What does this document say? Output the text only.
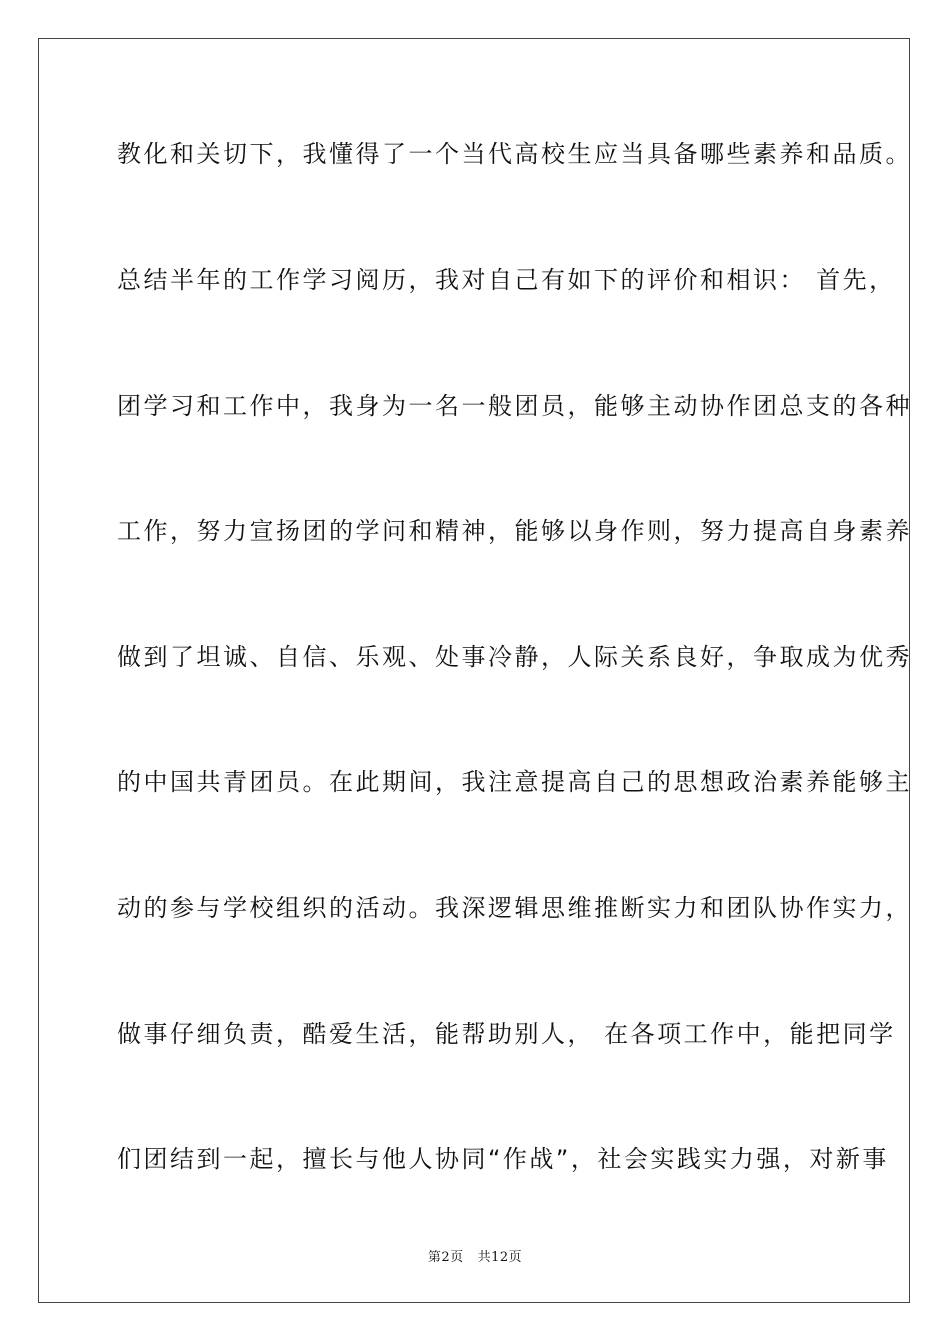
教化和关切下，我懂得了一个当代高校生应当具备哪些素养和品质。
总结半年的工作学习阅历，我对自己有如下的评价和相识： 首先，
团学习和工作中，我身为一名一般团员，能够主动协作团总支的各种
工作，努力宣扬团的学问和精神，能够以身作则，努力提高自身素养
做到了坦诚、自信、乐观、处事冷静，人际关系良好，争取成为优秀
的中国共青团员。在此期间，我注意提高自己的思想政治素养能够主
动的参与学校组织的活动。我深逻辑思维推断实力和团队协作实力，
做事仔细负责，酷爱生活，能帮助别人， 在各项工作中，能把同学
们团结到一起，擅长与他人协同“作战”，社会实践实力强，对新事
第2页 共12页
